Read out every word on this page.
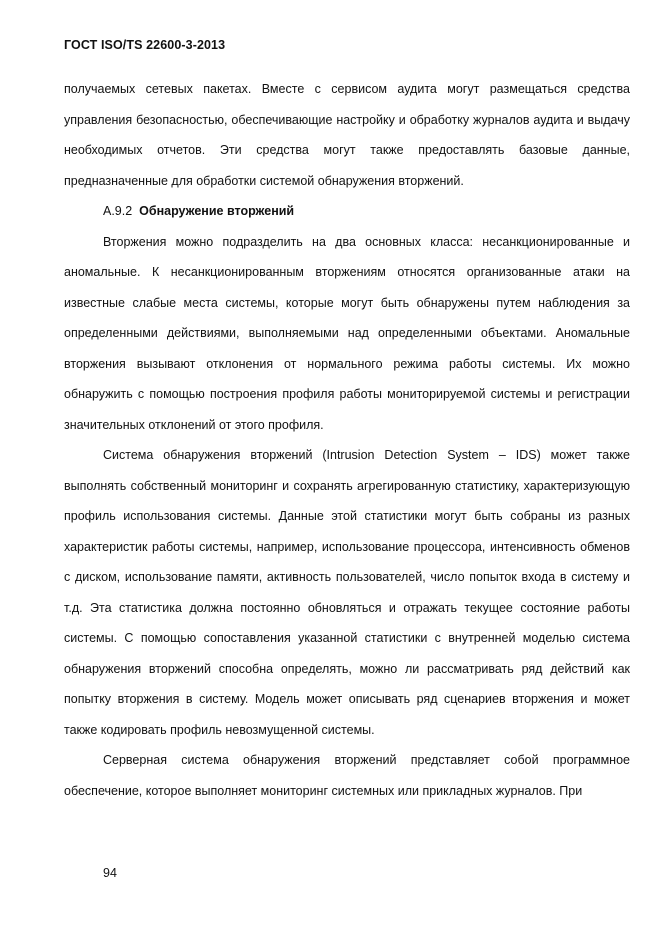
ГОСТ ISO/TS 22600-3-2013

получаемых сетевых пакетах. Вместе с сервисом аудита могут размещаться средства управления безопасностью, обеспечивающие настройку и обработку журналов аудита и выдачу необходимых отчетов. Эти средства могут также предоставлять базовые данные, предназначенные для обработки системой обнаружения вторжений.

A.9.2 Обнаружение вторжений

Вторжения можно подразделить на два основных класса: несанкционированные и аномальные. К несанкционированным вторжениям относятся организованные атаки на известные слабые места системы, которые могут быть обнаружены путем наблюдения за определенными действиями, выполняемыми над определенными объектами. Аномальные вторжения вызывают отклонения от нормального режима работы системы. Их можно обнаружить с помощью построения профиля работы мониторируемой системы и регистрации значительных отклонений от этого профиля.

Система обнаружения вторжений (Intrusion Detection System – IDS) может также выполнять собственный мониторинг и сохранять агрегированную статистику, характеризующую профиль использования системы. Данные этой статистики могут быть собраны из разных характеристик работы системы, например, использование процессора, интенсивность обменов с диском, использование памяти, активность пользователей, число попыток входа в систему и т.д. Эта статистика должна постоянно обновляться и отражать текущее состояние работы системы. С помощью сопоставления указанной статистики с внутренней моделью система обнаружения вторжений способна определять, можно ли рассматривать ряд действий как попытку вторжения в систему. Модель может описывать ряд сценариев вторжения и может также кодировать профиль невозмущенной системы.

Серверная система обнаружения вторжений представляет собой программное обеспечение, которое выполняет мониторинг системных или прикладных журналов. При

94
